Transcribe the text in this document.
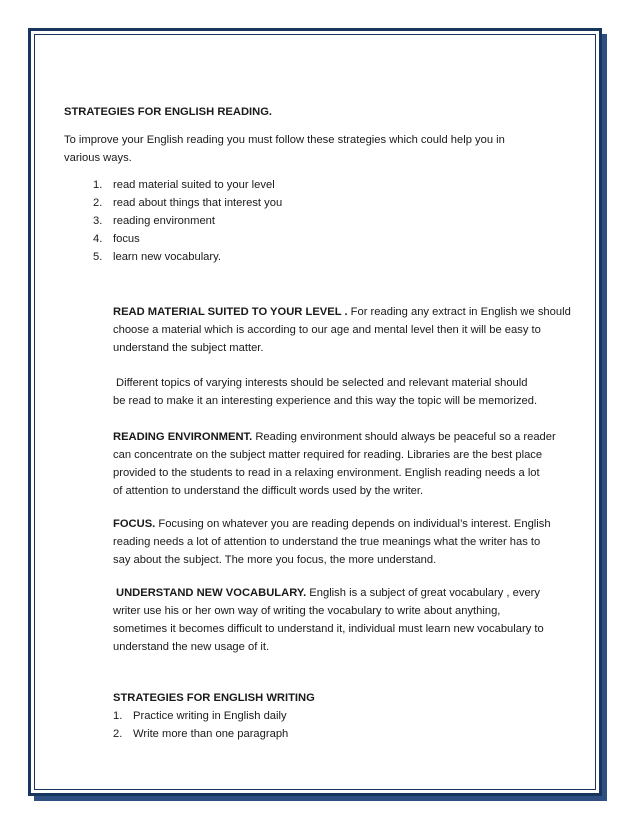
STRATEGIES FOR ENGLISH READING.
To improve your English reading you must follow these strategies which could help you in
various ways.
1. read material suited to your level
2. read about things that interest you
3. reading environment
4. focus
5. learn new vocabulary.
READ MATERIAL SUITED TO YOUR LEVEL . For reading any extract in English we should
choose a material which is according to our age and mental level then it will be easy to
understand the subject matter.
Different topics of varying interests should be selected and relevant material should
be read to make it an interesting experience and this way the topic will be memorized.
READING ENVIRONMENT. Reading environment should always be peaceful so a reader
can concentrate on the subject matter required for reading. Libraries are the best place
provided to the students to read in a relaxing environment. English reading needs a lot
of attention to understand the difficult words used by the writer.
FOCUS. Focusing on whatever you are reading depends on individual’s interest. English
reading needs a lot of attention to understand the true meanings what the writer has to
say about the subject. The more you focus, the more understand.
UNDERSTAND NEW VOCABULARY. English is a subject of great vocabulary , every
writer use his or her own way of writing the vocabulary to write about anything,
sometimes it becomes difficult to understand it, individual must learn new vocabulary to
understand the new usage of it.
STRATEGIES FOR ENGLISH WRITING
1. Practice writing in English daily
2. Write more than one paragraph
